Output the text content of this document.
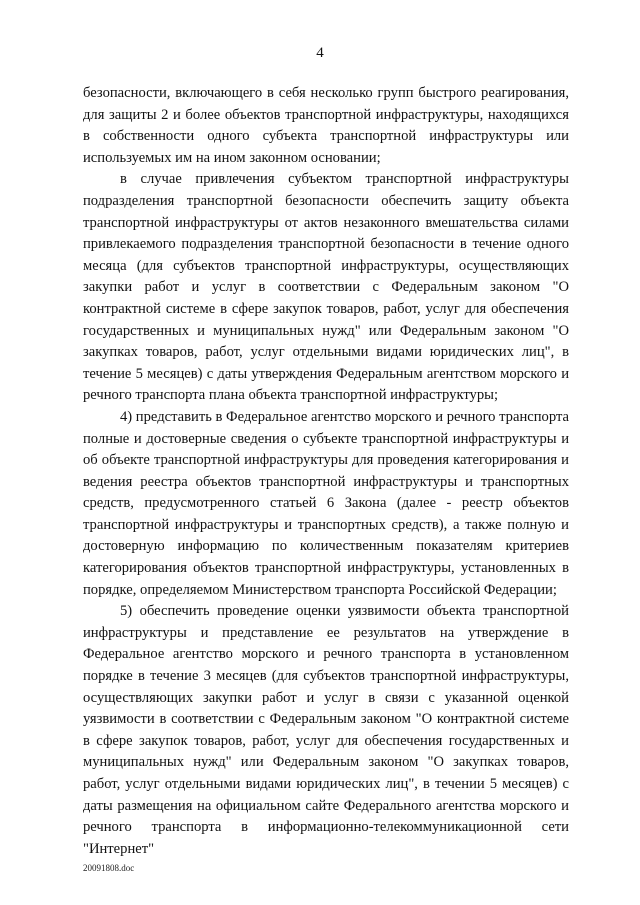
4

безопасности, включающего в себя несколько групп быстрого реагирования, для защиты 2 и более объектов транспортной инфраструктуры, находящихся в собственности одного субъекта транспортной инфраструктуры или используемых им на ином законном основании;

в случае привлечения субъектом транспортной инфраструктуры подразделения транспортной безопасности обеспечить защиту объекта транспортной инфраструктуры от актов незаконного вмешательства силами привлекаемого подразделения транспортной безопасности в течение одного месяца (для субъектов транспортной инфраструктуры, осуществляющих закупки работ и услуг в соответствии с Федеральным законом "О контрактной системе в сфере закупок товаров, работ, услуг для обеспечения государственных и муниципальных нужд" или Федеральным законом "О закупках товаров, работ, услуг отдельными видами юридических лиц", в течение 5 месяцев) с даты утверждения Федеральным агентством морского и речного транспорта плана объекта транспортной инфраструктуры;

4) представить в Федеральное агентство морского и речного транспорта полные и достоверные сведения о субъекте транспортной инфраструктуры и об объекте транспортной инфраструктуры для проведения категорирования и ведения реестра объектов транспортной инфраструктуры и транспортных средств, предусмотренного статьей 6 Закона (далее - реестр объектов транспортной инфраструктуры и транспортных средств), а также полную и достоверную информацию по количественным показателям критериев категорирования объектов транспортной инфраструктуры, установленных в порядке, определяемом Министерством транспорта Российской Федерации;

5) обеспечить проведение оценки уязвимости объекта транспортной инфраструктуры и представление ее результатов на утверждение в Федеральное агентство морского и речного транспорта в установленном порядке в течение 3 месяцев (для субъектов транспортной инфраструктуры, осуществляющих закупки работ и услуг в связи с указанной оценкой уязвимости в соответствии с Федеральным законом "О контрактной системе в сфере закупок товаров, работ, услуг для обеспечения государственных и муниципальных нужд" или Федеральным законом "О закупках товаров, работ, услуг отдельными видами юридических лиц", в течении 5 месяцев) с даты размещения на официальном сайте Федерального агентства морского и речного транспорта в информационно-телекоммуникационной сети "Интернет"

20091808.doc
